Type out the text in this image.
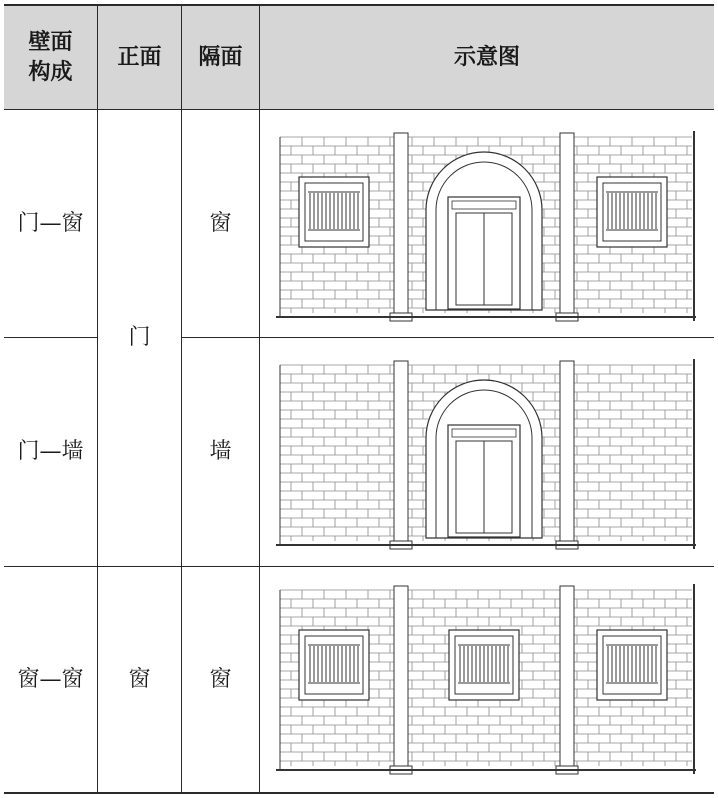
壁面构成
正面	隔面	示意图
门—窗
门—墙
窗—窗
门
窗
窗
墙
窗
